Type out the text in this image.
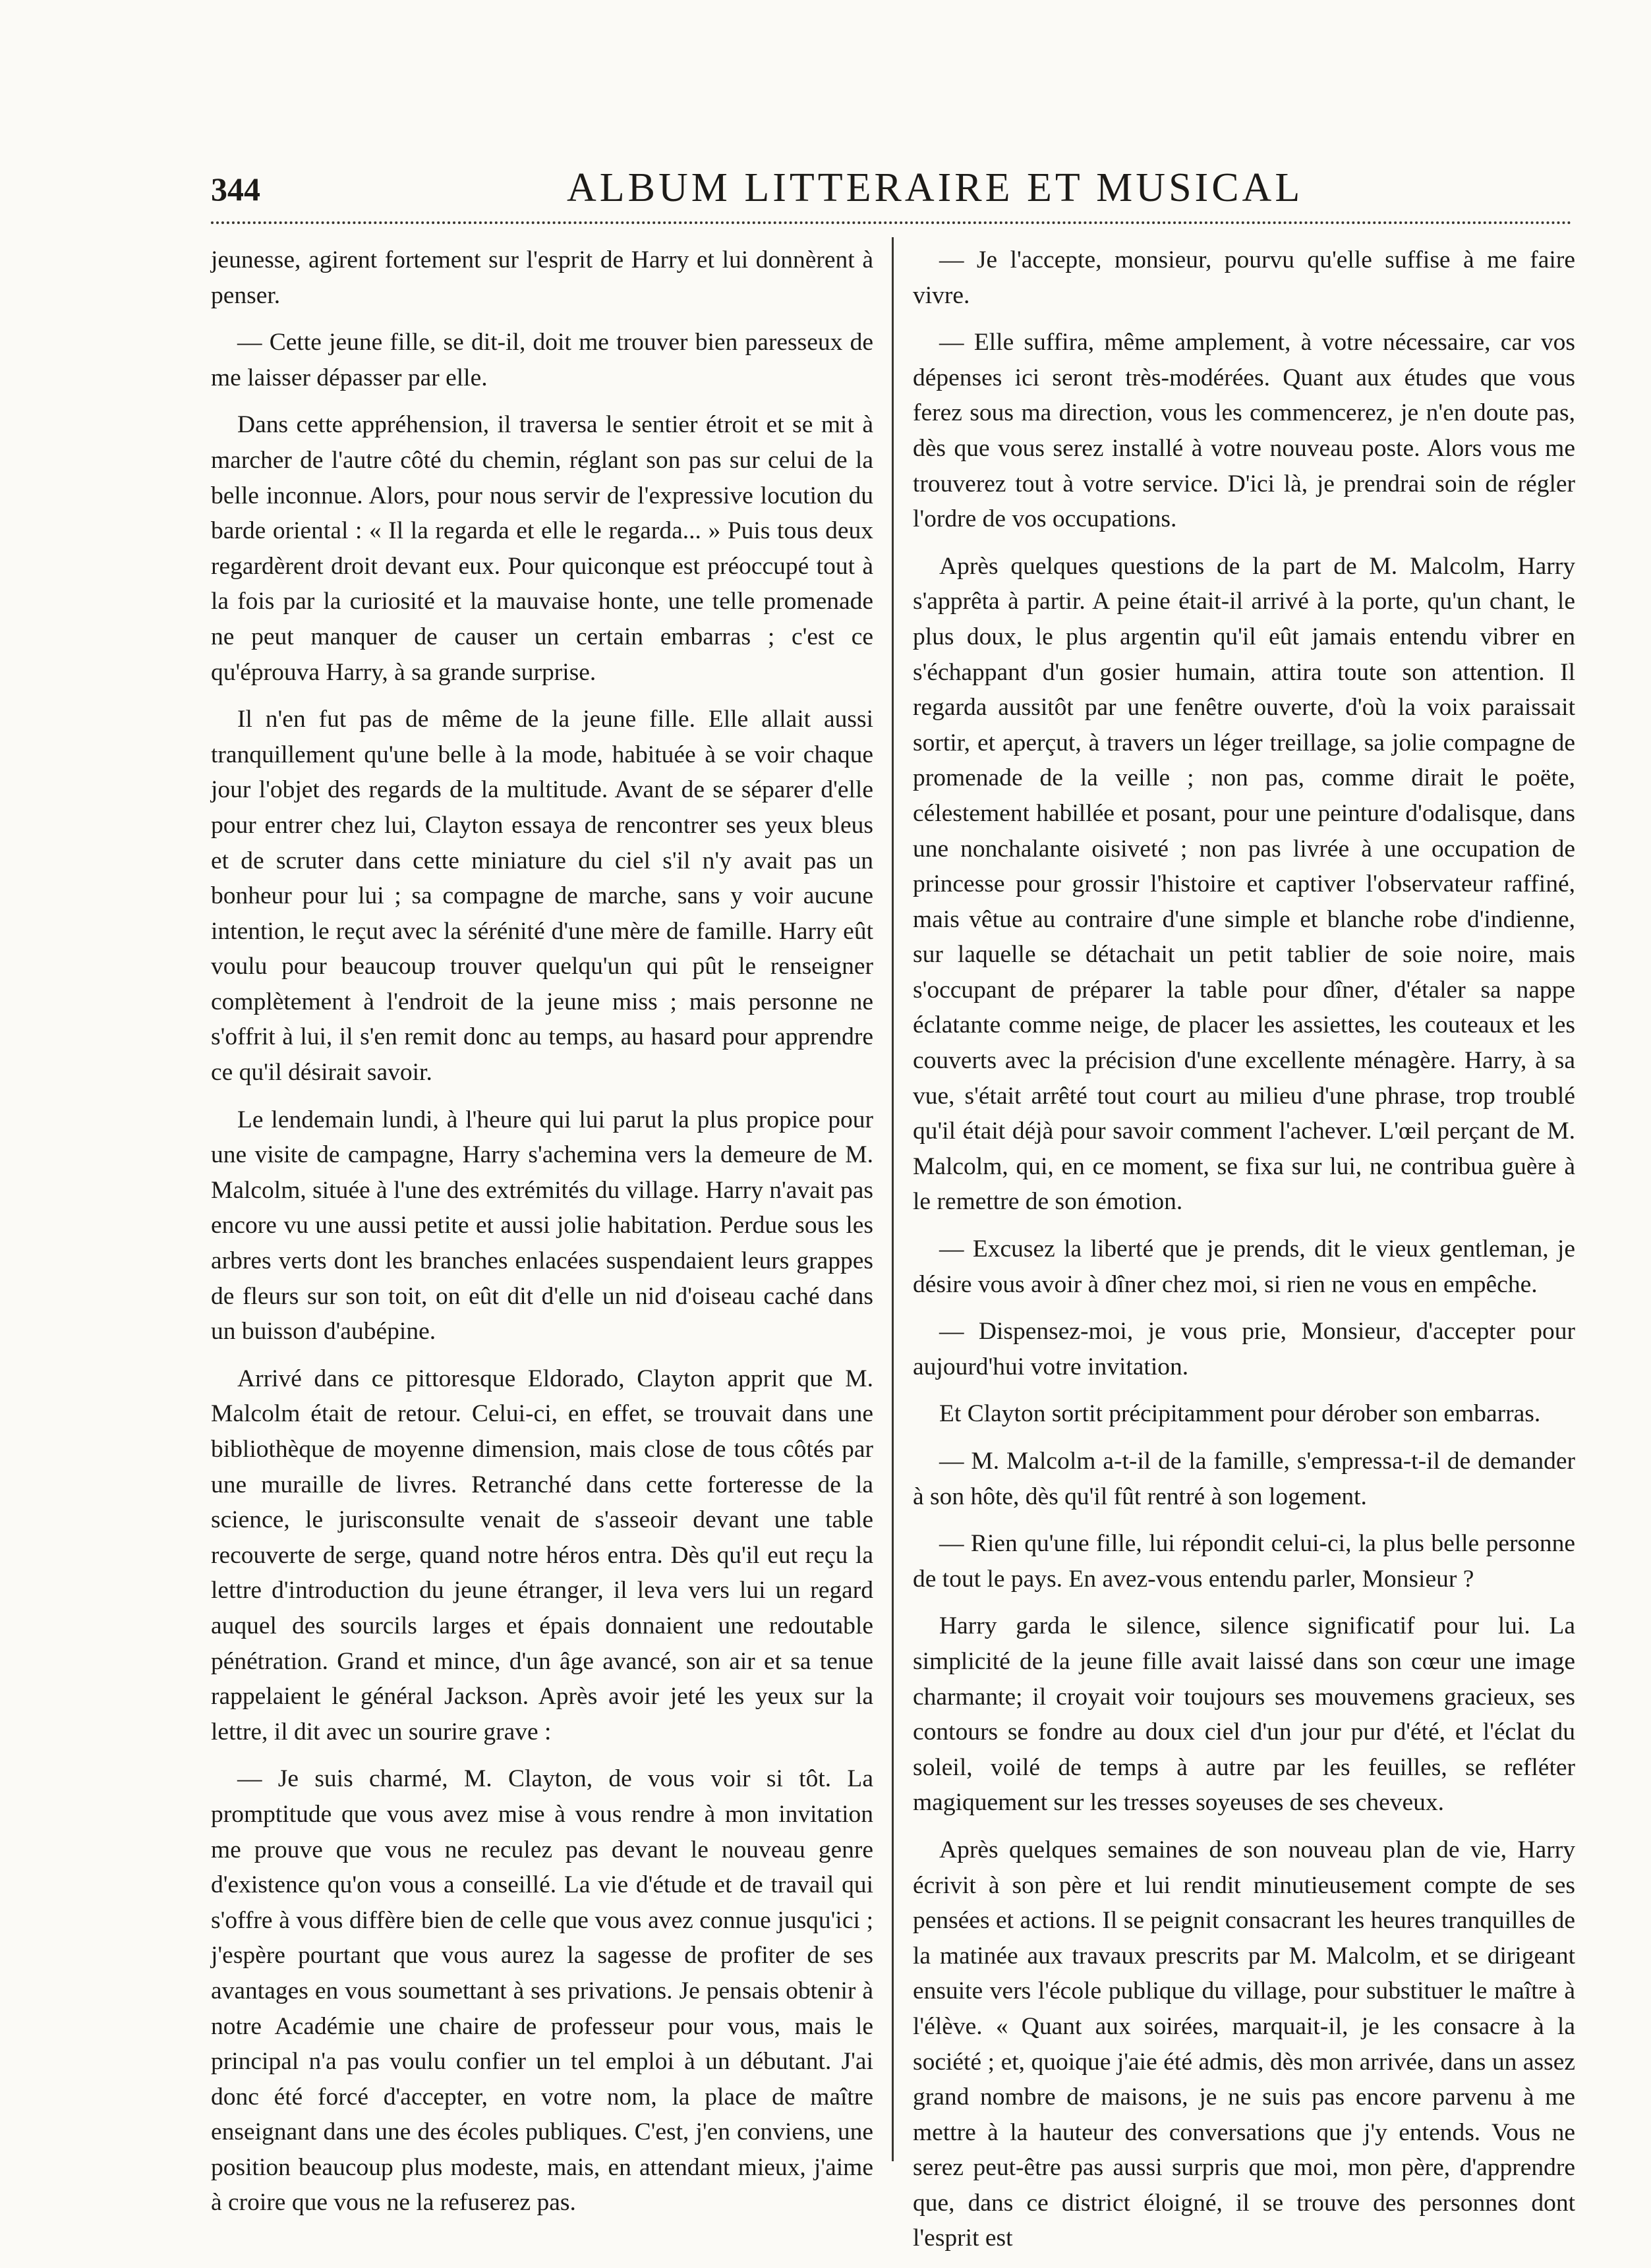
344	ALBUM LITTERAIRE ET MUSICAL

jeunesse, agirent fortement sur l'esprit de Harry et lui donnèrent à penser.

— Cette jeune fille, se dit-il, doit me trouver bien paresseux de me laisser dépasser par elle.

Dans cette appréhension, il traversa le sentier étroit et se mit à marcher de l'autre côté du chemin, réglant son pas sur celui de la belle inconnue. Alors, pour nous servir de l'expressive locution du barde oriental : « Il la regarda et elle le regarda... » Puis tous deux regardèrent droit devant eux. Pour quiconque est préoccupé tout à la fois par la curiosité et la mauvaise honte, une telle promenade ne peut manquer de causer un certain embarras ; c'est ce qu'éprouva Harry, à sa grande surprise.

Il n'en fut pas de même de la jeune fille. Elle allait aussi tranquillement qu'une belle à la mode, habituée à se voir chaque jour l'objet des regards de la multitude. Avant de se séparer d'elle pour entrer chez lui, Clayton essaya de rencontrer ses yeux bleus et de scruter dans cette miniature du ciel s'il n'y avait pas un bonheur pour lui ; sa compagne de marche, sans y voir aucune intention, le reçut avec la sérénité d'une mère de famille. Harry eût voulu pour beaucoup trouver quelqu'un qui pût le renseigner complètement à l'endroit de la jeune miss ; mais personne ne s'offrit à lui, il s'en remit donc au temps, au hasard pour apprendre ce qu'il désirait savoir.

Le lendemain lundi, à l'heure qui lui parut la plus propice pour une visite de campagne, Harry s'achemina vers la demeure de M. Malcolm, située à l'une des extrémités du village. Harry n'avait pas encore vu une aussi petite et aussi jolie habitation. Perdue sous les arbres verts dont les branches enlacées suspendaient leurs grappes de fleurs sur son toit, on eût dit d'elle un nid d'oiseau caché dans un buisson d'aubépine.

Arrivé dans ce pittoresque Eldorado, Clayton apprit que M. Malcolm était de retour. Celui-ci, en effet, se trouvait dans une bibliothèque de moyenne dimension, mais close de tous côtés par une muraille de livres. Retranché dans cette forteresse de la science, le jurisconsulte venait de s'asseoir devant une table recouverte de serge, quand notre héros entra. Dès qu'il eut reçu la lettre d'introduction du jeune étranger, il leva vers lui un regard auquel des sourcils larges et épais donnaient une redoutable pénétration. Grand et mince, d'un âge avancé, son air et sa tenue rappelaient le général Jackson. Après avoir jeté les yeux sur la lettre, il dit avec un sourire grave :

— Je suis charmé, M. Clayton, de vous voir si tôt. La promptitude que vous avez mise à vous rendre à mon invitation me prouve que vous ne reculez pas devant le nouveau genre d'existence qu'on vous a conseillé. La vie d'étude et de travail qui s'offre à vous diffère bien de celle que vous avez connue jusqu'ici ; j'espère pourtant que vous aurez la sagesse de profiter de ses avantages en vous soumettant à ses privations. Je pensais obtenir à notre Académie une chaire de professeur pour vous, mais le principal n'a pas voulu confier un tel emploi à un débutant. J'ai donc été forcé d'accepter, en votre nom, la place de maître enseignant dans une des écoles publiques. C'est, j'en conviens, une position beaucoup plus modeste, mais, en attendant mieux, j'aime à croire que vous ne la refuserez pas.

— Je l'accepte, monsieur, pourvu qu'elle suffise à me faire vivre.

— Elle suffira, même amplement, à votre nécessaire, car vos dépenses ici seront très-modérées. Quant aux études que vous ferez sous ma direction, vous les commencerez, je n'en doute pas, dès que vous serez installé à votre nouveau poste. Alors vous me trouverez tout à votre service. D'ici là, je prendrai soin de régler l'ordre de vos occupations.

Après quelques questions de la part de M. Malcolm, Harry s'apprêta à partir. A peine était-il arrivé à la porte, qu'un chant, le plus doux, le plus argentin qu'il eût jamais entendu vibrer en s'échappant d'un gosier humain, attira toute son attention. Il regarda aussitôt par une fenêtre ouverte, d'où la voix paraissait sortir, et aperçut, à travers un léger treillage, sa jolie compagne de promenade de la veille ; non pas, comme dirait le poëte, célestement habillée et posant, pour une peinture d'odalisque, dans une nonchalante oisiveté ; non pas livrée à une occupation de princesse pour grossir l'histoire et captiver l'observateur raffiné, mais vêtue au contraire d'une simple et blanche robe d'indienne, sur laquelle se détachait un petit tablier de soie noire, mais s'occupant de préparer la table pour dîner, d'étaler sa nappe éclatante comme neige, de placer les assiettes, les couteaux et les couverts avec la précision d'une excellente ménagère. Harry, à sa vue, s'était arrêté tout court au milieu d'une phrase, trop troublé qu'il était déjà pour savoir comment l'achever. L'œil perçant de M. Malcolm, qui, en ce moment, se fixa sur lui, ne contribua guère à le remettre de son émotion.

— Excusez la liberté que je prends, dit le vieux gentleman, je désire vous avoir à dîner chez moi, si rien ne vous en empêche.

— Dispensez-moi, je vous prie, Monsieur, d'accepter pour aujourd'hui votre invitation.

Et Clayton sortit précipitamment pour dérober son embarras.

— M. Malcolm a-t-il de la famille, s'empressa-t-il de demander à son hôte, dès qu'il fût rentré à son logement.

— Rien qu'une fille, lui répondit celui-ci, la plus belle personne de tout le pays. En avez-vous entendu parler, Monsieur ?

Harry garda le silence, silence significatif pour lui. La simplicité de la jeune fille avait laissé dans son cœur une image charmante; il croyait voir toujours ses mouvemens gracieux, ses contours se fondre au doux ciel d'un jour pur d'été, et l'éclat du soleil, voilé de temps à autre par les feuilles, se refléter magiquement sur les tresses soyeuses de ses cheveux.

Après quelques semaines de son nouveau plan de vie, Harry écrivit à son père et lui rendit minutieusement compte de ses pensées et actions. Il se peignit consacrant les heures tranquilles de la matinée aux travaux prescrits par M. Malcolm, et se dirigeant ensuite vers l'école publique du village, pour substituer le maître à l'élève. « Quant aux soirées, marquait-il, je les consacre à la société ; et, quoique j'aie été admis, dès mon arrivée, dans un assez grand nombre de maisons, je ne suis pas encore parvenu à me mettre à la hauteur des conversations que j'y entends. Vous ne serez peut-être pas aussi surpris que moi, mon père, d'apprendre que, dans ce district éloigné, il se trouve des personnes dont l'esprit est
